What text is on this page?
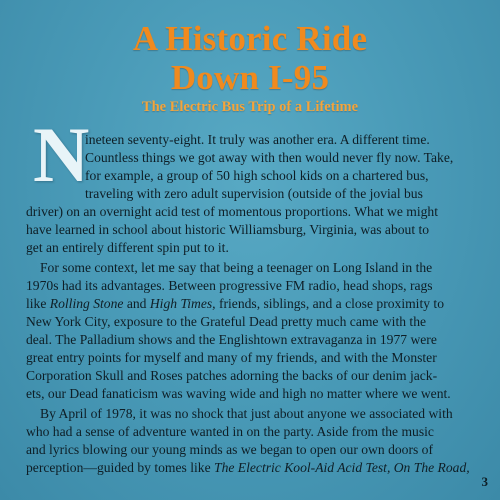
A Historic Ride
Down I-95
The Electric Bus Trip of a Lifetime
N
ineteen seventy-eight. It truly was another era. A different time.
Countless things we got away with then would never fly now. Take,
for example, a group of 50 high school kids on a chartered bus,
traveling with zero adult supervision (outside of the jovial bus
driver) on an overnight acid test of momentous proportions. What we might
have learned in school about historic Williamsburg, Virginia, was about to
get an entirely different spin put to it.
For some context, let me say that being a teenager on Long Island in the
1970s had its advantages. Between progressive FM radio, head shops, rags
like Rolling Stone and High Times, friends, siblings, and a close proximity to
New York City, exposure to the Grateful Dead pretty much came with the
deal. The Palladium shows and the Englishtown extravaganza in 1977 were
great entry points for myself and many of my friends, and with the Monster
Corporation Skull and Roses patches adorning the backs of our denim jack-
ets, our Dead fanaticism was waving wide and high no matter where we went.
By April of 1978, it was no shock that just about anyone we associated with
who had a sense of adventure wanted in on the party. Aside from the music
and lyrics blowing our young minds as we began to open our own doors of
perception—guided by tomes like The Electric Kool-Aid Acid Test, On The Road,
3
